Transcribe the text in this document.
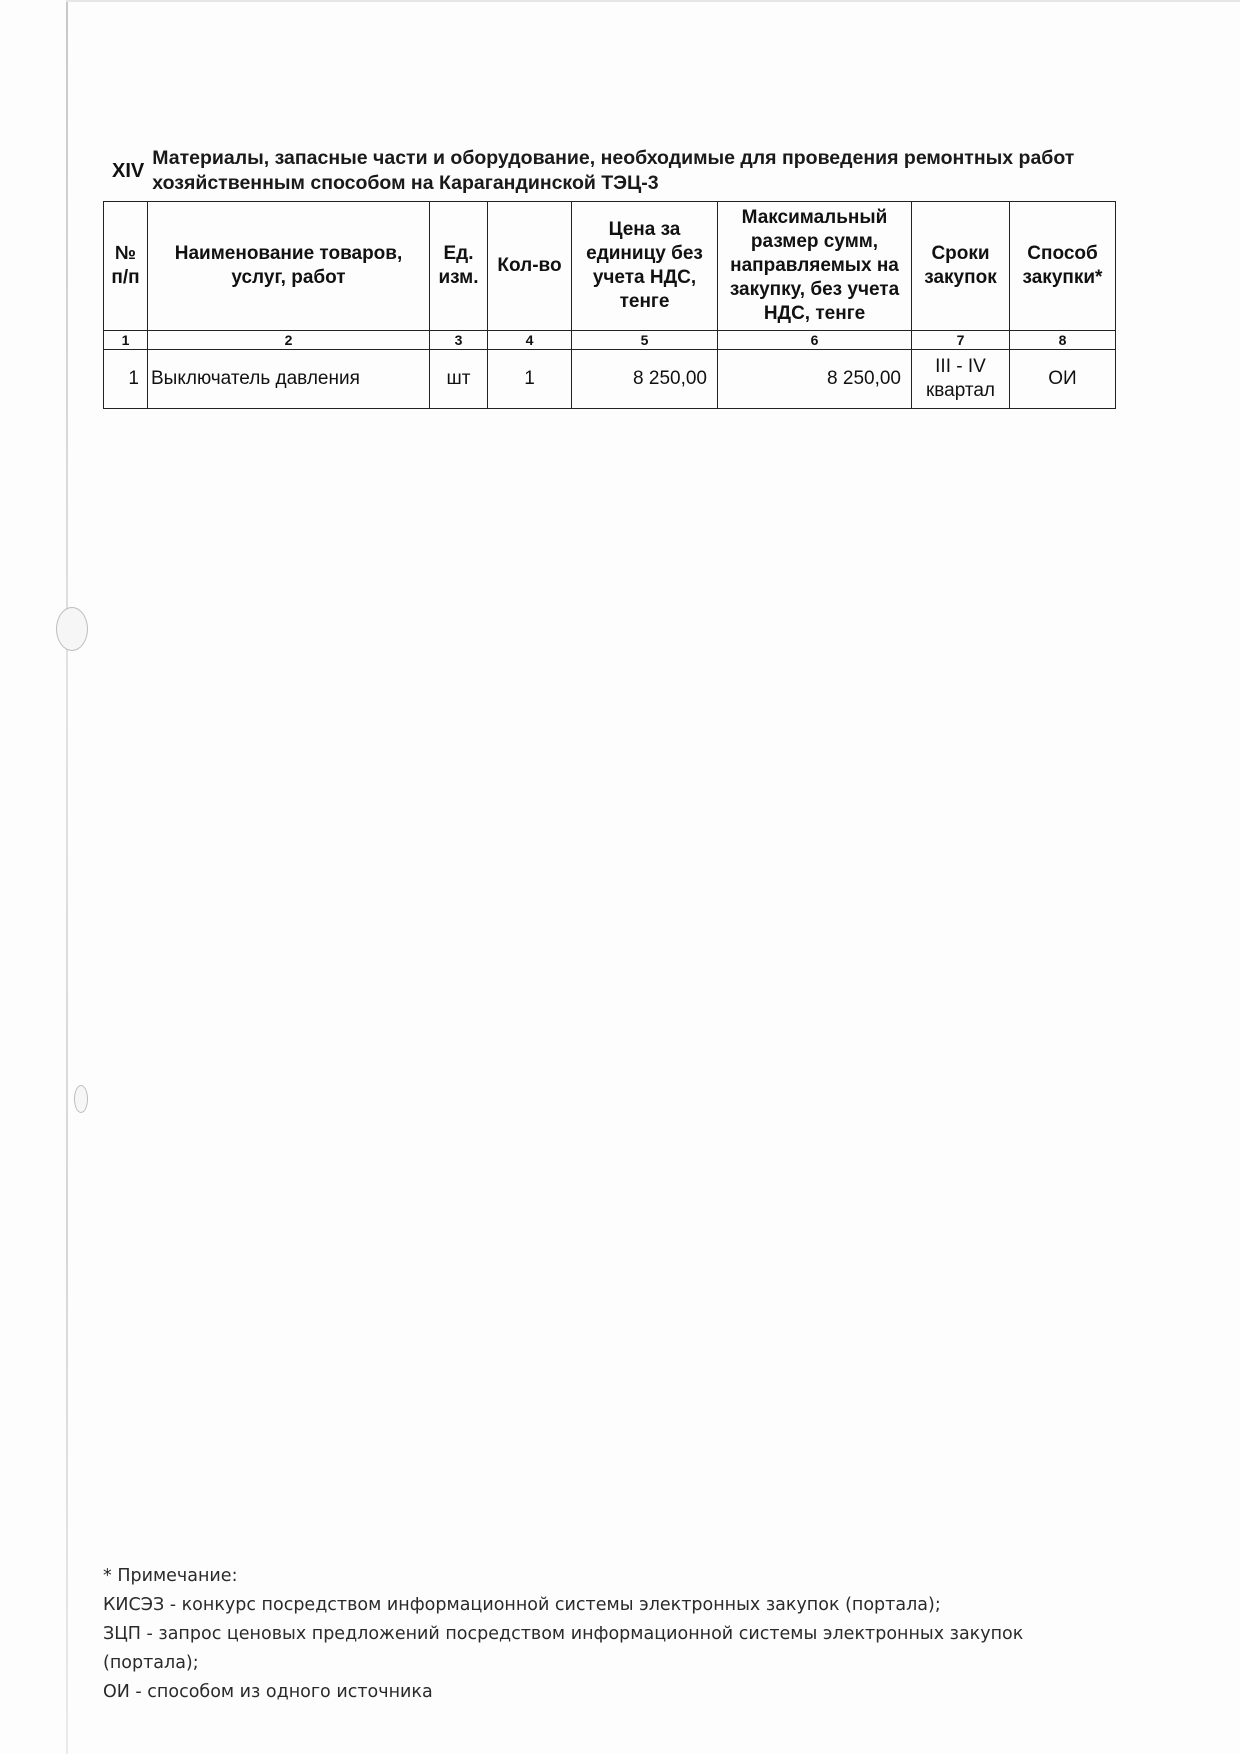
XIV
Материалы, запасные части и оборудование, необходимые для проведения ремонтных работ хозяйственным способом на Карагандинской ТЭЦ-3
№ п/п	Наименование товаров, услуг, работ	Ед. изм.	Кол-во	Цена за единицу без учета НДС, тенге	Максимальный размер сумм, направляемых на закупку, без учета НДС, тенге	Сроки закупок	Способ закупки*
1	2	3	4	5	6	7	8
1	Выключатель давления	шт	1	8 250,00	8 250,00	III - IV квартал	ОИ
* Примечание:
КИСЭЗ - конкурс посредством информационной системы электронных закупок (портала);
ЗЦП - запрос ценовых предложений посредством информационной системы электронных закупок (портала);
ОИ - способом из одного источника
